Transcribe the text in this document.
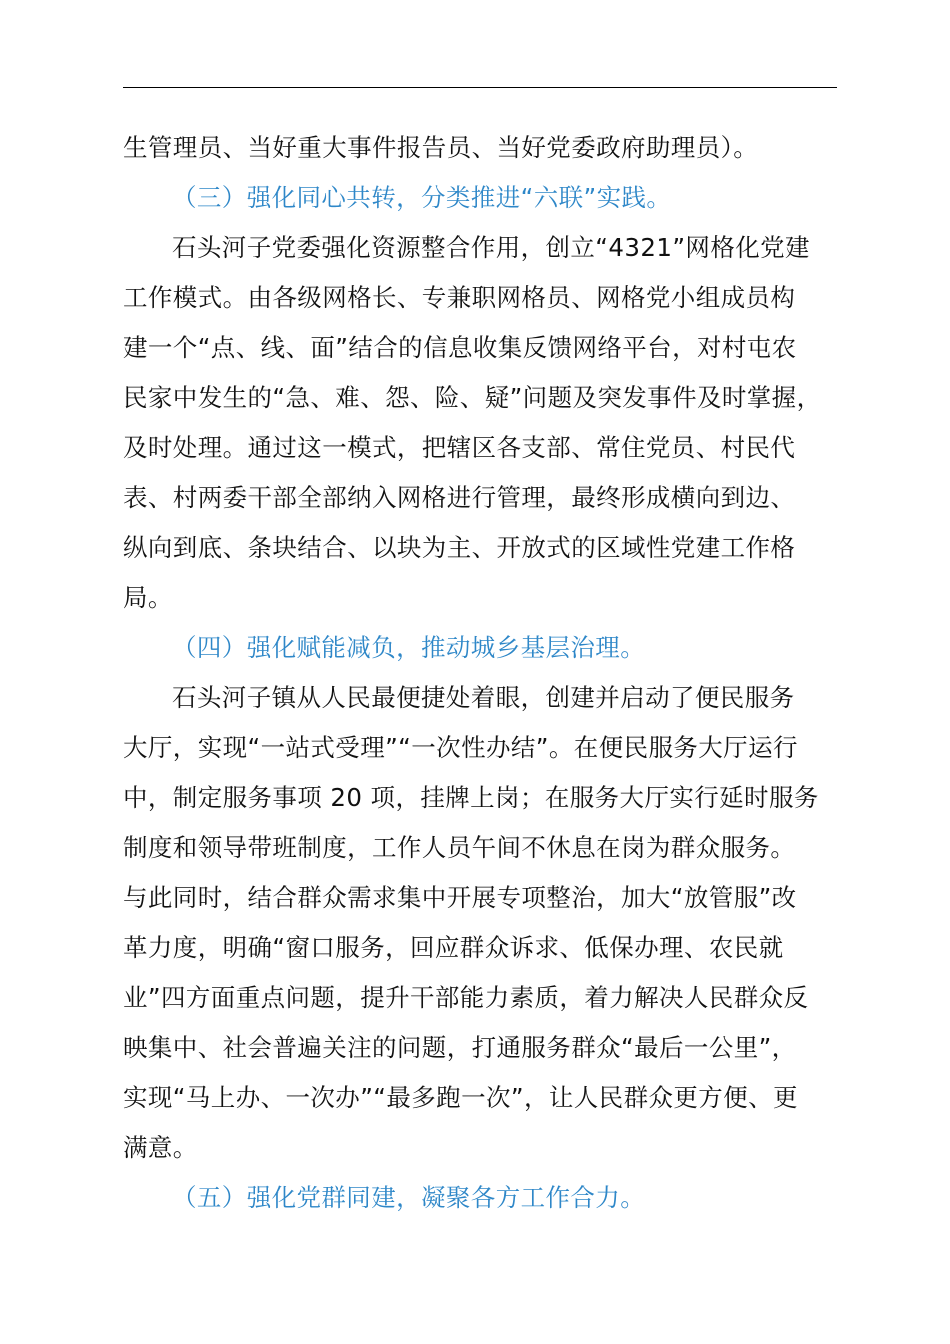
生管理员、当好重大事件报告员、当好党委政府助理员）。
（三）强化同心共转，分类推进“六联”实践。
石头河子党委强化资源整合作用，创立“4321”网格化党建
工作模式。由各级网格长、专兼职网格员、网格党小组成员构
建一个“点、线、面”结合的信息收集反馈网络平台，对村屯农
民家中发生的“急、难、怨、险、疑”问题及突发事件及时掌握，
及时处理。通过这一模式，把辖区各支部、常住党员、村民代
表、村两委干部全部纳入网格进行管理，最终形成横向到边、
纵向到底、条块结合、以块为主、开放式的区域性党建工作格
局。
（四）强化赋能减负，推动城乡基层治理。
石头河子镇从人民最便捷处着眼，创建并启动了便民服务
大厅，实现“一站式受理”“一次性办结”。在便民服务大厅运行
中，制定服务事项 20 项，挂牌上岗；在服务大厅实行延时服务
制度和领导带班制度，工作人员午间不休息在岗为群众服务。
与此同时，结合群众需求集中开展专项整治，加大“放管服”改
革力度，明确“窗口服务，回应群众诉求、低保办理、农民就
业”四方面重点问题，提升干部能力素质，着力解决人民群众反
映集中、社会普遍关注的问题，打通服务群众“最后一公里”，
实现“马上办、一次办”“最多跑一次”，让人民群众更方便、更
满意。
（五）强化党群同建，凝聚各方工作合力。
